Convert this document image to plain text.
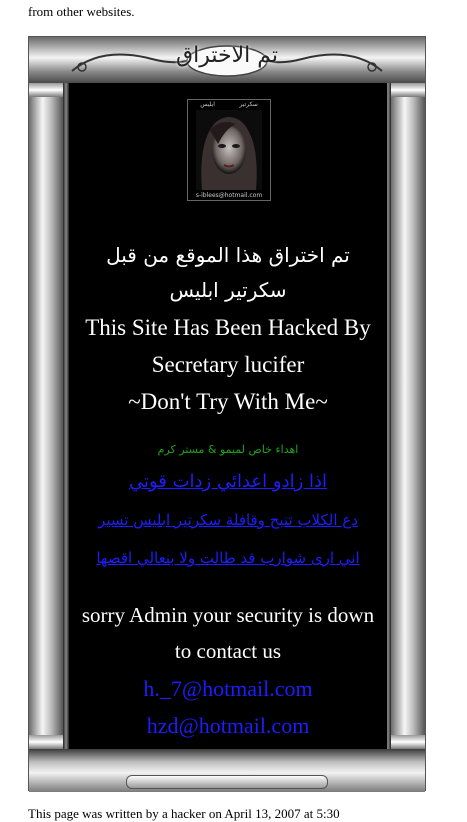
from other websites.
تم الاختراق
ابليس	سكرتير
s-iblees@hotmail.com
تم اختراق هذا الموقع من قبل
سكرتير ابليس
This Site Has Been Hacked By
Secretary lucifer
~Don't Try With Me~
اهداء خاص لميمو & مستر كرم
اذا زادو اعدائي زدات قوتي
دع الكلاب تنبح وقافلة سكرتير ابليس تسير
اني ارى شوارب قد طالت ولا بنعالي اقصها
sorry Admin your security is down
to contact us
h._7@hotmail.com
hzd@hotmail.com
This page was written by a hacker on April 13, 2007 at 5:30
